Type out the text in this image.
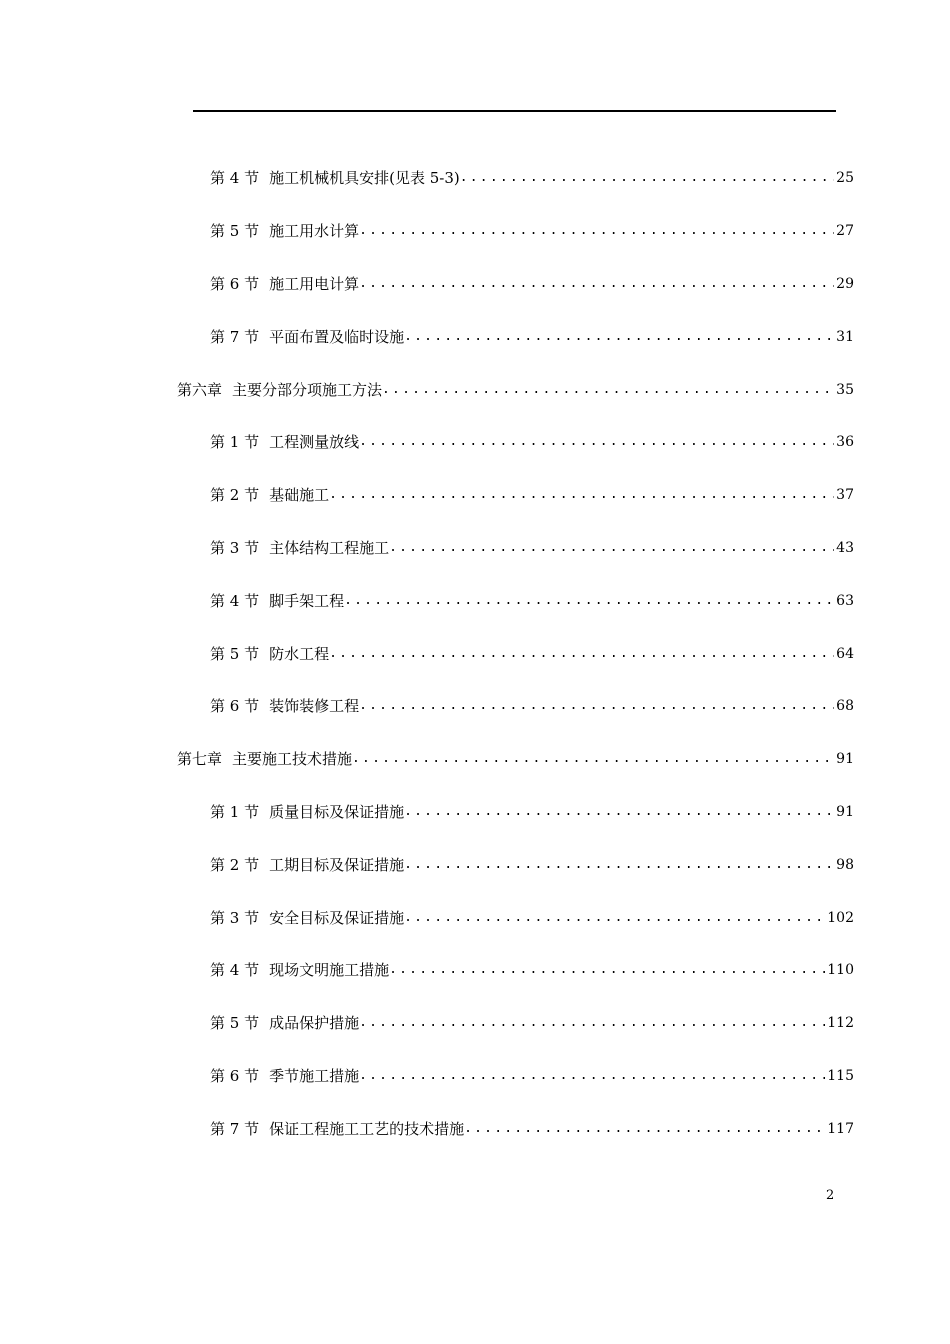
第 4 节 施工机械机具安排(见表 5-3) .....	25
第 5 节 施工用水计算 .....	27
第 6 节 施工用电计算 .....	29
第 7 节 平面布置及临时设施 .....	31
第六章 主要分部分项施工方法 .....	35
第 1 节 工程测量放线 .....	36
第 2 节 基础施工 .....	37
第 3 节 主体结构工程施工 .....	43
第 4 节 脚手架工程 .....	63
第 5 节 防水工程 .....	64
第 6 节 装饰装修工程 .....	68
第七章 主要施工技术措施 .....	91
第 1 节 质量目标及保证措施 .....	91
第 2 节 工期目标及保证措施 .....	98
第 3 节 安全目标及保证措施 .....	102
第 4 节 现场文明施工措施 .....	110
第 5 节 成品保护措施 .....	112
第 6 节 季节施工措施 .....	115
第 7 节 保证工程施工工艺的技术措施 .....	117
2
